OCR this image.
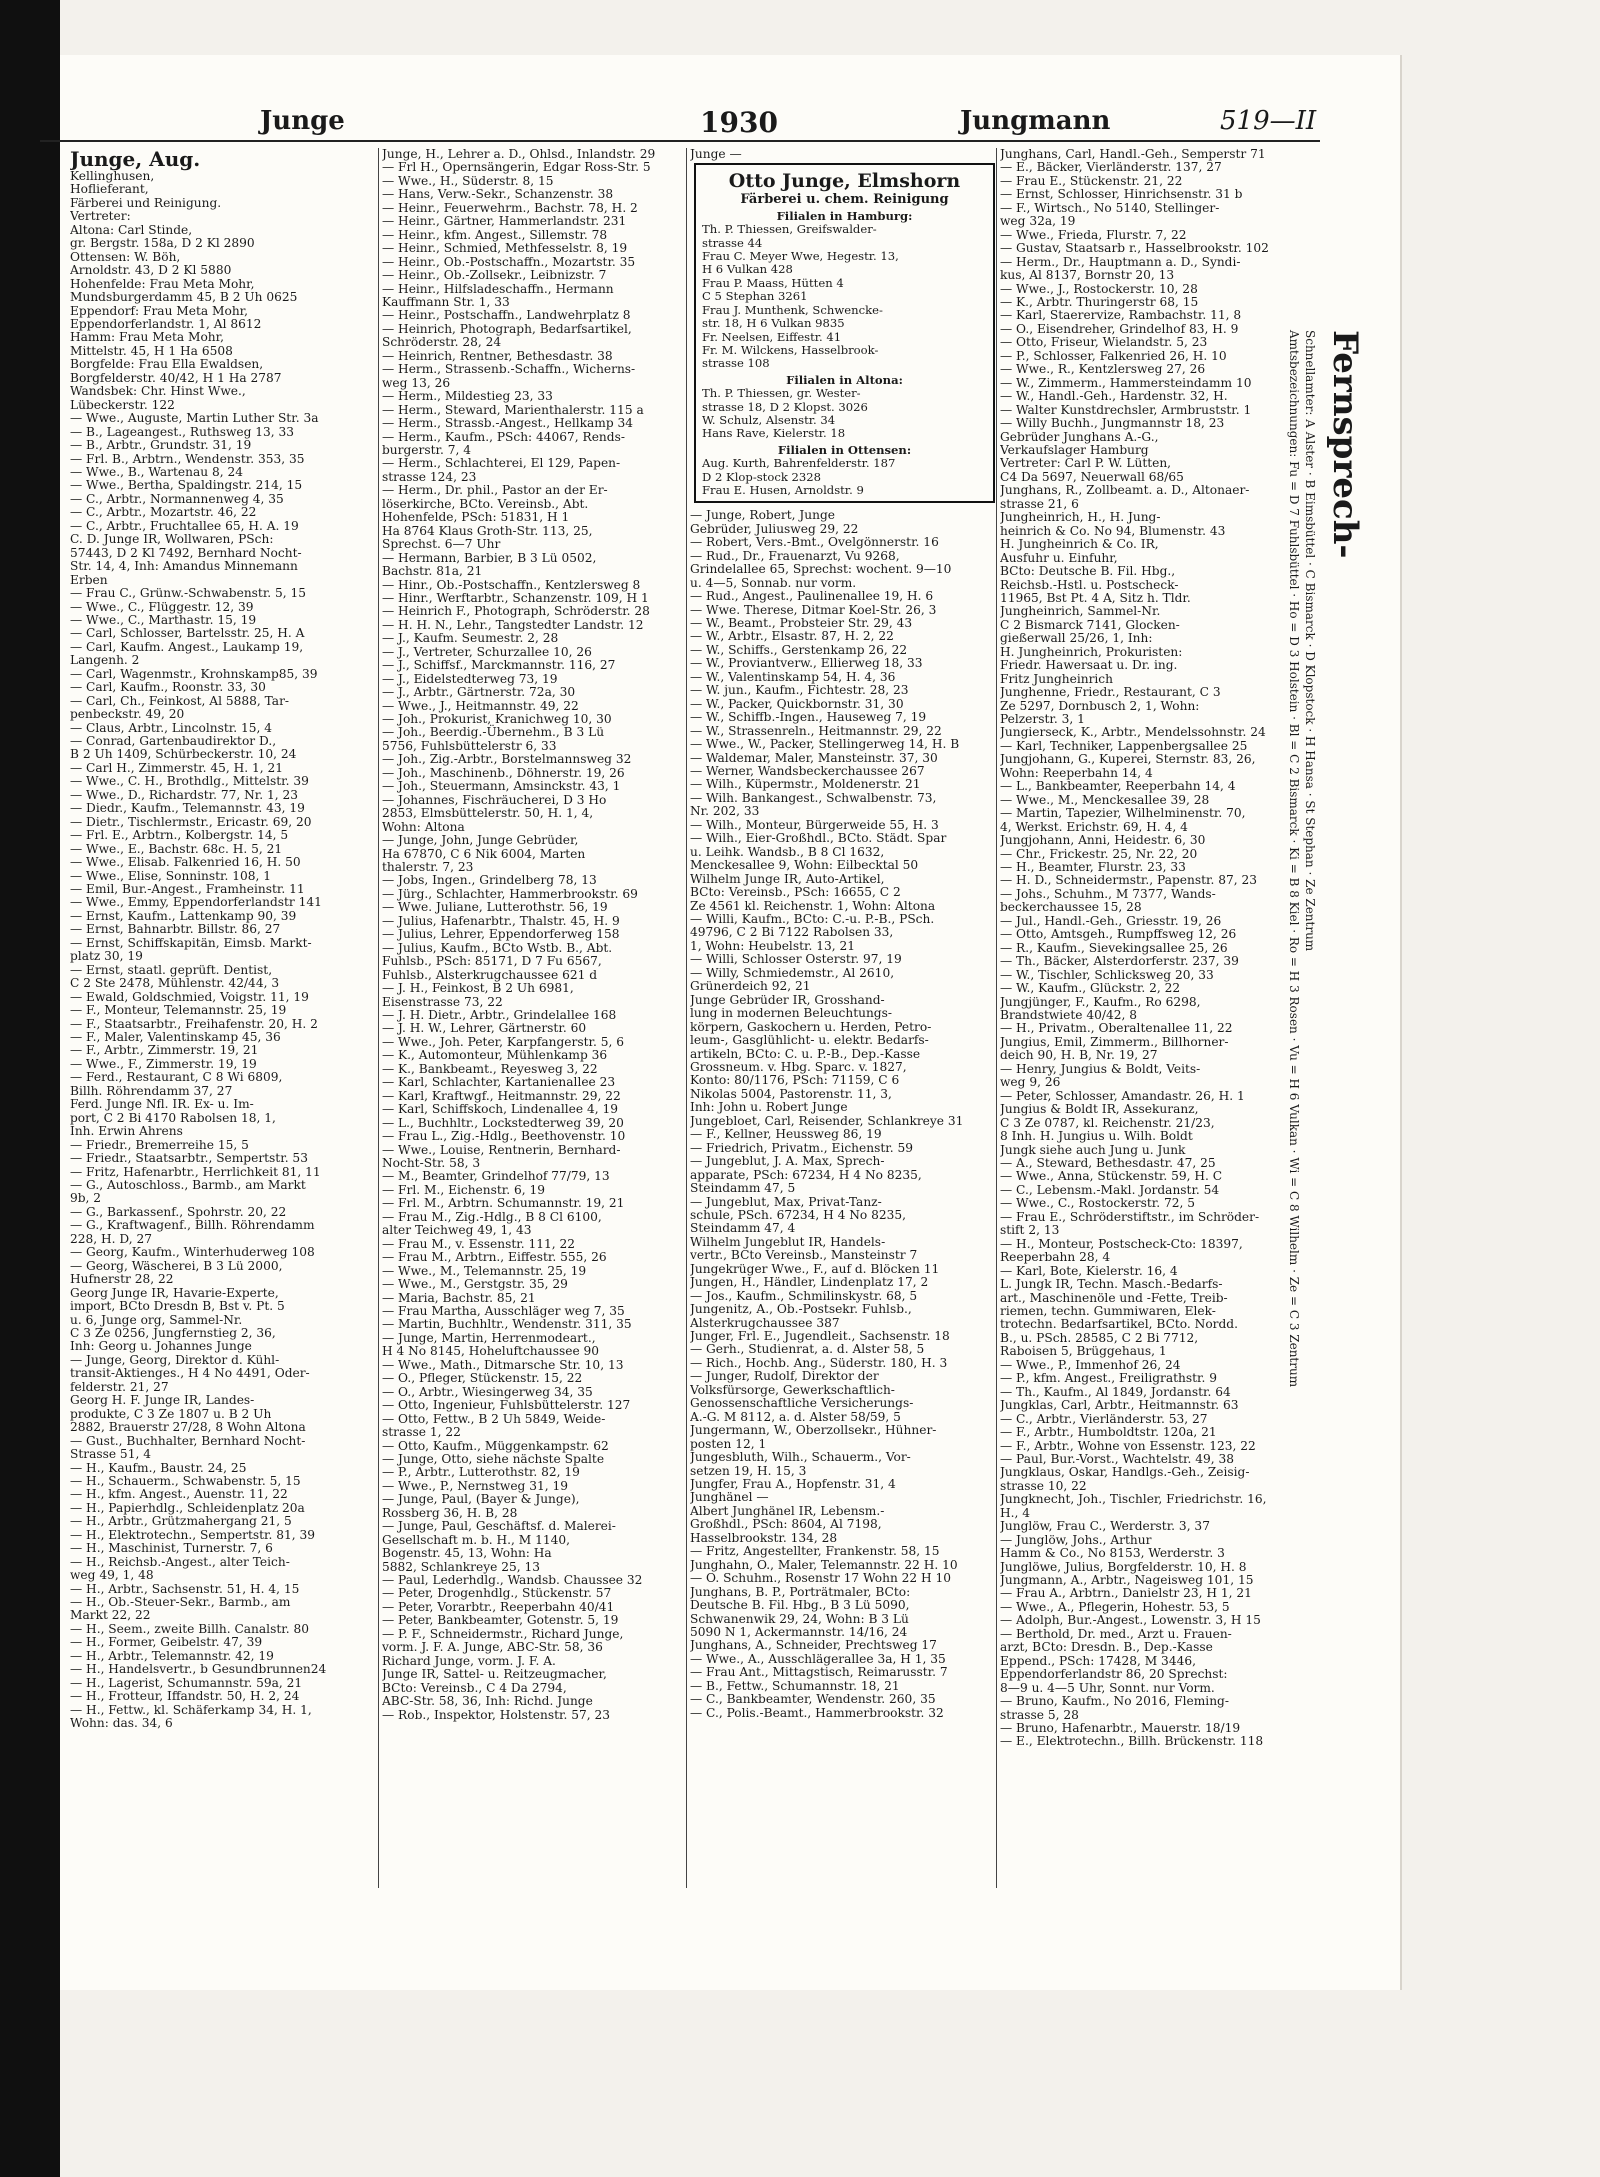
Junge	1930	Jungmann	519—II
Junge, Aug.
Kellinghusen,
Hoflieferant,
Färberei und Reinigung.
Vertreter:
Altona: Carl Stinde,
gr. Bergstr. 158a, D 2 Kl 2890
Ottensen: W. Böh,
Arnoldstr. 43, D 2 Kl 5880
Hohenfelde: Frau Meta Mohr,
Mundsburgerdamm 45, B 2 Uh 0625
Eppendorf: Frau Meta Mohr,
Eppendorferlandstr. 1, Al 8612
Hamm: Frau Meta Mohr,
Mittelstr. 45, H 1 Ha 6508
Borgfelde: Frau Ella Ewaldsen,
Borgfelderstr. 40/42, H 1 Ha 2787
Wandsbek: Chr. Hinst Wwe.,
Lübeckerstr. 122
— Wwe., Auguste, Martin Luther Str. 3a
— B., Lageangest., Ruthsweg 13, 33
— B., Arbtr., Grundstr. 31, 19
— Frl. B., Arbtrn., Wendenstr. 353, 35
— Wwe., B., Wartenau 8, 24
— Wwe., Bertha, Spaldingstr. 214, 15
— C., Arbtr., Normannenweg 4, 35
— C., Arbtr., Mozartstr. 46, 22
— C., Arbtr., Fruchtallee 65, H. A. 19
C. D. Junge IR, Wollwaren, PSch:
57443, D 2 Kl 7492, Bernhard Nocht-
Str. 14, 4, Inh: Amandus Minnemann
Erben
— Frau C., Grünw.-Schwabenstr. 5, 15
— Wwe., C., Flüggestr. 12, 39
— Wwe., C., Marthastr. 15, 19
— Carl, Schlosser, Bartelsstr. 25, H. A
— Carl, Kaufm. Angest., Laukamp 19,
Langenh. 2
— Carl, Wagenmstr., Krohnskamp85, 39
— Carl, Kaufm., Roonstr. 33, 30
— Carl, Ch., Feinkost, Al 5888, Tar-
penbeckstr. 49, 20
— Claus, Arbtr., Lincolnstr. 15, 4
— Conrad, Gartenbaudirektor D.,
B 2 Uh 1409, Schürbeckerstr. 10, 24
— Carl H., Zimmerstr. 45, H. 1, 21
— Wwe., C. H., Brothdlg., Mittelstr. 39
— Wwe., D., Richardstr. 77, Nr. 1, 23
— Diedr., Kaufm., Telemannstr. 43, 19
— Dietr., Tischlermstr., Ericastr. 69, 20
— Frl. E., Arbtrn., Kolbergstr. 14, 5
— Wwe., E., Bachstr. 68c. H. 5, 21
— Wwe., Elisab. Falkenried 16, H. 50
— Wwe., Elise, Sonninstr. 108, 1
— Emil, Bur.-Angest., Framheinstr. 11
— Wwe., Emmy, Eppendorferlandstr 141
— Ernst, Kaufm., Lattenkamp 90, 39
— Ernst, Bahnarbtr. Billstr. 86, 27
— Ernst, Schiffskapitän, Eimsb. Markt-
platz 30, 19
— Ernst, staatl. geprüft. Dentist,
C 2 Ste 2478, Mühlenstr. 42/44, 3
— Ewald, Goldschmied, Voigstr. 11, 19
— F., Monteur, Telemannstr. 25, 19
— F., Staatsarbtr., Freihafenstr. 20, H. 2
— F., Maler, Valentinskamp 45, 36
— F., Arbtr., Zimmerstr. 19, 21
— Wwe., F., Zimmerstr. 19, 19
— Ferd., Restaurant, C 8 Wi 6809,
Billh. Röhrendamm 37, 27
Ferd. Junge Nfl. IR. Ex- u. Im-
port, C 2 Bi 4170 Rabolsen 18, 1,
Inh. Erwin Ahrens
— Friedr., Bremerreihe 15, 5
— Friedr., Staatsarbtr., Sempertstr. 53
— Fritz, Hafenarbtr., Herrlichkeit 81, 11
— G., Autoschloss., Barmb., am Markt
9b, 2
— G., Barkassenf., Spohrstr. 20, 22
— G., Kraftwagenf., Billh. Röhrendamm
228, H. D, 27
— Georg, Kaufm., Winterhuderweg 108
— Georg, Wäscherei, B 3 Lü 2000,
Hufnerstr 28, 22
Georg Junge IR, Havarie-Experte,
import, BCto Dresdn B, Bst v. Pt. 5
u. 6, Junge org, Sammel-Nr.
C 3 Ze 0256, Jungfernstieg 2, 36,
Inh: Georg u. Johannes Junge
— Junge, Georg, Direktor d. Kühl-
transit-Aktienges., H 4 No 4491, Oder-
felderstr. 21, 27
Georg H. F. Junge IR, Landes-
produkte, C 3 Ze 1807 u. B 2 Uh
2882, Brauerstr 27/28, 8 Wohn Altona
— Gust., Buchhalter, Bernhard Nocht-
Strasse 51, 4
— H., Kaufm., Baustr. 24, 25
— H., Schauerm., Schwabenstr. 5, 15
— H., kfm. Angest., Auenstr. 11, 22
— H., Papierhdlg., Schleidenplatz 20a
— H., Arbtr., Grützmahergang 21, 5
— H., Elektrotechn., Sempertstr. 81, 39
— H., Maschinist, Turnerstr. 7, 6
— H., Reichsb.-Angest., alter Teich-
weg 49, 1, 48
— H., Arbtr., Sachsenstr. 51, H. 4, 15
— H., Ob.-Steuer-Sekr., Barmb., am
Markt 22, 22
— H., Seem., zweite Billh. Canalstr. 80
— H., Former, Geibelstr. 47, 39
— H., Arbtr., Telemannstr. 42, 19
— H., Handelsvertr., b Gesundbrunnen24
— H., Lagerist, Schumannstr. 59a, 21
— H., Frotteur, Iffandstr. 50, H. 2, 24
— H., Fettw., kl. Schäferkamp 34, H. 1,
Wohn: das. 34, 6
Junge, H., Lehrer a. D., Ohlsd., Inlandstr. 29
— Frl H., Opernsängerin, Edgar Ross-Str. 5
— Wwe., H., Süderstr. 8, 15
— Hans, Verw.-Sekr., Schanzenstr. 38
— Heinr., Feuerwehrm., Bachstr. 78, H. 2
— Heinr., Gärtner, Hammerlandstr. 231
— Heinr., kfm. Angest., Sillemstr. 78
— Heinr., Schmied, Methfesselstr. 8, 19
— Heinr., Ob.-Postschaffn., Mozartstr. 35
— Heinr., Ob.-Zollsekr., Leibnizstr. 7
— Heinr., Hilfsladeschaffn., Hermann
Kauffmann Str. 1, 33
— Heinr., Postschaffn., Landwehrplatz 8
— Heinrich, Photograph, Bedarfsartikel,
Schröderstr. 28, 24
— Heinrich, Rentner, Bethesdastr. 38
— Herm., Strassenb.-Schaffn., Wicherns-
weg 13, 26
— Herm., Mildestieg 23, 33
— Herm., Steward, Marienthalerstr. 115 a
— Herm., Strassb.-Angest., Hellkamp 34
— Herm., Kaufm., PSch: 44067, Rends-
burgerstr. 7, 4
— Herm., Schlachterei, El 129, Papen-
strasse 124, 23
— Herm., Dr. phil., Pastor an der Er-
löserkirche, BCto. Vereinsb., Abt.
Hohenfelde, PSch: 51831, H 1
Ha 8764 Klaus Groth-Str. 113, 25,
Sprechst. 6—7 Uhr
— Hermann, Barbier, B 3 Lü 0502,
Bachstr. 81a, 21
— Hinr., Ob.-Postschaffn., Kentzlersweg 8
— Hinr., Werftarbtr., Schanzenstr. 109, H 1
— Heinrich F., Photograph, Schröderstr. 28
— H. H. N., Lehr., Tangstedter Landstr. 12
— J., Kaufm. Seumestr. 2, 28
— J., Vertreter, Schurzallee 10, 26
— J., Schiffsf., Marckmannstr. 116, 27
— J., Eidelstedterweg 73, 19
— J., Arbtr., Gärtnerstr. 72a, 30
— Wwe., J., Heitmannstr. 49, 22
— Joh., Prokurist, Kranichweg 10, 30
— Joh., Beerdig.-Übernehm., B 3 Lü
5756, Fuhlsbüttelerstr 6, 33
— Joh., Zig.-Arbtr., Borstelmannsweg 32
— Joh., Maschinenb., Döhnerstr. 19, 26
— Joh., Steuermann, Amsinckstr. 43, 1
— Johannes, Fischräucherei, D 3 Ho
2853, Elmsbüttelerstr. 50, H. 1, 4,
Wohn: Altona
— Junge, John, Junge Gebrüder,
Ha 67870, C 6 Nik 6004, Marten
thalerstr. 7, 23
— Jobs, Ingen., Grindelberg 78, 13
— Jürg., Schlachter, Hammerbrookstr. 69
— Wwe. Juliane, Lutterothstr. 56, 19
— Julius, Hafenarbtr., Thalstr. 45, H. 9
— Julius, Lehrer, Eppendorferweg 158
— Julius, Kaufm., BCto Wstb. B., Abt.
Fuhlsb., PSch: 85171, D 7 Fu 6567,
Fuhlsb., Alsterkrugchaussee 621 d
— J. H., Feinkost, B 2 Uh 6981,
Eisenstrasse 73, 22
— J. H. Dietr., Arbtr., Grindelallee 168
— J. H. W., Lehrer, Gärtnerstr. 60
— Wwe., Joh. Peter, Karpfangerstr. 5, 6
— K., Automonteur, Mühlenkamp 36
— K., Bankbeamt., Reyesweg 3, 22
— Karl, Schlachter, Kartanienallee 23
— Karl, Kraftwgf., Heitmannstr. 29, 22
— Karl, Schiffskoch, Lindenallee 4, 19
— L., Buchhltr., Lockstedterweg 39, 20
— Frau L., Zig.-Hdlg., Beethovenstr. 10
— Wwe., Louise, Rentnerin, Bernhard-
Nocht-Str. 58, 3
— M., Beamter, Grindelhof 77/79, 13
— Frl. M., Eichenstr. 6, 19
— Frl. M., Arbtrn. Schumannstr. 19, 21
— Frau M., Zig.-Hdlg., B 8 Cl 6100,
alter Teichweg 49, 1, 43
— Frau M., v. Essenstr. 111, 22
— Frau M., Arbtrn., Eiffestr. 555, 26
— Wwe., M., Telemannstr. 25, 19
— Wwe., M., Gerstgstr. 35, 29
— Maria, Bachstr. 85, 21
— Frau Martha, Ausschläger weg 7, 35
— Martin, Buchhltr., Wendenstr. 311, 35
— Junge, Martin, Herrenmodeart.,
H 4 No 8145, Hoheluftchaussee 90
— Wwe., Math., Ditmarsche Str. 10, 13
— O., Pfleger, Stückenstr. 15, 22
— O., Arbtr., Wiesingerweg 34, 35
— Otto, Ingenieur, Fuhlsbüttelerstr. 127
— Otto, Fettw., B 2 Uh 5849, Weide-
strasse 1, 22
— Otto, Kaufm., Müggenkampstr. 62
— Junge, Otto, siehe nächste Spalte
— P., Arbtr., Lutterothstr. 82, 19
— Wwe., P., Nernstweg 31, 19
— Junge, Paul, (Bayer & Junge),
Rossberg 36, H. B, 28
— Junge, Paul, Geschäftsf. d. Malerei-
Gesellschaft m. b. H., M 1140,
Bogenstr. 45, 13, Wohn: Ha
5882, Schlankreye 25, 13
— Paul, Lederhdlg., Wandsb. Chaussee 32
— Peter, Drogenhdlg., Stückenstr. 57
— Peter, Vorarbtr., Reeperbahn 40/41
— Peter, Bankbeamter, Gotenstr. 5, 19
— P. F., Schneidermstr., Richard Junge,
vorm. J. F. A. Junge, ABC-Str. 58, 36
Richard Junge, vorm. J. F. A.
Junge IR, Sattel- u. Reitzeugmacher,
BCto: Vereinsb., C 4 Da 2794,
ABC-Str. 58, 36, Inh: Richd. Junge
— Rob., Inspektor, Holstenstr. 57, 23
Junge —
Otto Junge, Elmshorn
Färberei u. chem. Reinigung
Filialen in Hamburg:
Th. P. Thiessen, Greifswalder-
strasse 44
Frau C. Meyer Wwe, Hegestr. 13,
H 6 Vulkan 428
Frau P. Maass, Hütten 4
C 5 Stephan 3261
Frau J. Munthenk, Schwencke-
str. 18, H 6 Vulkan 9835
Fr. Neelsen, Eiffestr. 41
Fr. M. Wilckens, Hasselbrook-
strasse 108
Filialen in Altona:
Th. P. Thiessen, gr. Wester-
strasse 18, D 2 Klopst. 3026
W. Schulz, Alsenstr. 34
Hans Rave, Kielerstr. 18
Filialen in Ottensen:
Aug. Kurth, Bahrenfelderstr. 187
D 2 Klop-stock 2328
Frau E. Husen, Arnoldstr. 9
— Junge, Robert, Junge
Gebrüder, Juliusweg 29, 22
— Robert, Vers.-Bmt., Ovelgönnerstr. 16
— Rud., Dr., Frauenarzt, Vu 9268,
Grindelallee 65, Sprechst: wochent. 9—10
u. 4—5, Sonnab. nur vorm.
— Rud., Angest., Paulinenallee 19, H. 6
— Wwe. Therese, Ditmar Koel-Str. 26, 3
— W., Beamt., Probsteier Str. 29, 43
— W., Arbtr., Elsastr. 87, H. 2, 22
— W., Schiffs., Gerstenkamp 26, 22
— W., Proviantverw., Ellierweg 18, 33
— W., Valentinskamp 54, H. 4, 36
— W. jun., Kaufm., Fichtestr. 28, 23
— W., Packer, Quickbornstr. 31, 30
— W., Schiffb.-Ingen., Hauseweg 7, 19
— W., Strassenreln., Heitmannstr. 29, 22
— Wwe., W., Packer, Stellingerweg 14, H. B
— Waldemar, Maler, Mansteinstr. 37, 30
— Werner, Wandsbeckerchaussee 267
— Wilh., Küpermstr., Moldenerstr. 21
— Wilh. Bankangest., Schwalbenstr. 73,
Nr. 202, 33
— Wilh., Monteur, Bürgerweide 55, H. 3
— Wilh., Eier-Großhdl., BCto. Städt. Spar
u. Leihk. Wandsb., B 8 Cl 1632,
Menckesallee 9, Wohn: Eilbecktal 50
Wilhelm Junge IR, Auto-Artikel,
BCto: Vereinsb., PSch: 16655, C 2
Ze 4561 kl. Reichenstr. 1, Wohn: Altona
— Willi, Kaufm., BCto: C.-u. P.-B., PSch.
49796, C 2 Bi 7122 Rabolsen 33,
1, Wohn: Heubelstr. 13, 21
— Willi, Schlosser Osterstr. 97, 19
— Willy, Schmiedemstr., Al 2610,
Grünerdeich 92, 21
Junge Gebrüder IR, Grosshand-
lung in modernen Beleuchtungs-
körpern, Gaskochern u. Herden, Petro-
leum-, Gasglühlicht- u. elektr. Bedarfs-
artikeln, BCto: C. u. P.-B., Dep.-Kasse
Grossneum. v. Hbg. Sparc. v. 1827,
Konto: 80/1176, PSch: 71159, C 6
Nikolas 5004, Pastorenstr. 11, 3,
Inh: John u. Robert Junge
Jungebloet, Carl, Reisender, Schlankreye 31
— F., Kellner, Heussweg 86, 19
— Friedrich, Privatm., Eichenstr. 59
— Jungeblut, J. A. Max, Sprech-
apparate, PSch: 67234, H 4 No 8235,
Steindamm 47, 5
— Jungeblut, Max, Privat-Tanz-
schule, PSch. 67234, H 4 No 8235,
Steindamm 47, 4
Wilhelm Jungeblut IR, Handels-
vertr., BCto Vereinsb., Mansteinstr 7
Jungekrüger Wwe., F., auf d. Blöcken 11
Jungen, H., Händler, Lindenplatz 17, 2
— Jos., Kaufm., Schmilinskystr. 68, 5
Jungenitz, A., Ob.-Postsekr. Fuhlsb.,
Alsterkrugchaussee 387
Junger, Frl. E., Jugendleit., Sachsenstr. 18
— Gerh., Studienrat, a. d. Alster 58, 5
— Rich., Hochb. Ang., Süderstr. 180, H. 3
— Junger, Rudolf, Direktor der
Volksfürsorge, Gewerkschaftlich-
Genossenschaftliche Versicherungs-
A.-G. M 8112, a. d. Alster 58/59, 5
Jungermann, W., Oberzollsekr., Hühner-
posten 12, 1
Jungesbluth, Wilh., Schauerm., Vor-
setzen 19, H. 15, 3
Jungfer, Frau A., Hopfenstr. 31, 4
Junghänel —
Albert Junghänel IR, Lebensm.-
Großhdl., PSch: 8604, Al 7198,
Hasselbrookstr. 134, 28
— Fritz, Angestellter, Frankenstr. 58, 15
Junghahn, O., Maler, Telemannstr. 22 H. 10
— O. Schuhm., Rosenstr 17 Wohn 22 H 10
Junghans, B. P., Porträtmaler, BCto:
Deutsche B. Fil. Hbg., B 3 Lü 5090,
Schwanenwik 29, 24, Wohn: B 3 Lü
5090 N 1, Ackermannstr. 14/16, 24
Junghans, A., Schneider, Prechtsweg 17
— Wwe., A., Ausschlägerallee 3a, H 1, 35
— Frau Ant., Mittagstisch, Reimarusstr. 7
— B., Fettw., Schumannstr. 18, 21
— C., Bankbeamter, Wendenstr. 260, 35
— C., Polis.-Beamt., Hammerbrookstr. 32
Junghans, Carl, Handl.-Geh., Semperstr 71
— E., Bäcker, Vierländerstr. 137, 27
— Frau E., Stückenstr. 21, 22
— Ernst, Schlosser, Hinrichsenstr. 31 b
— F., Wirtsch., No 5140, Stellinger-
weg 32a, 19
— Wwe., Frieda, Flurstr. 7, 22
— Gustav, Staatsarb r., Hasselbrookstr. 102
— Herm., Dr., Hauptmann a. D., Syndi-
kus, Al 8137, Bornstr 20, 13
— Wwe., J., Rostockerstr. 10, 28
— K., Arbtr. Thuringerstr 68, 15
— Karl, Staerervize, Rambachstr. 11, 8
— O., Eisendreher, Grindelhof 83, H. 9
— Otto, Friseur, Wielandstr. 5, 23
— P., Schlosser, Falkenried 26, H. 10
— Wwe., R., Kentzlersweg 27, 26
— W., Zimmerm., Hammersteindamm 10
— W., Handl.-Geh., Hardenstr. 32, H.
— Walter Kunstdrechsler, Armbruststr. 1
— Willy Buchh., Jungmannstr 18, 23
Gebrüder Junghans A.-G.,
Verkaufslager Hamburg
Vertreter: Carl P. W. Lütten,
C4 Da 5697, Neuerwall 68/65
Junghans, R., Zollbeamt. a. D., Altonaer-
strasse 21, 6
Jungheinrich, H., H. Jung-
heinrich & Co. No 94, Blumenstr. 43
H. Jungheinrich & Co. IR,
Ausfuhr u. Einfuhr,
BCto: Deutsche B. Fil. Hbg.,
Reichsb.-Hstl. u. Postscheck-
11965, Bst Pt. 4 A, Sitz h. Tldr.
Jungheinrich, Sammel-Nr.
C 2 Bismarck 7141, Glocken-
gießerwall 25/26, 1, Inh:
H. Jungheinrich, Prokuristen:
Friedr. Hawersaat u. Dr. ing.
Fritz Jungheinrich
Junghenne, Friedr., Restaurant, C 3
Ze 5297, Dornbusch 2, 1, Wohn:
Pelzerstr. 3, 1
Jungierseck, K., Arbtr., Mendelssohnstr. 24
— Karl, Techniker, Lappenbergsallee 25
Jungjohann, G., Kuperei, Sternstr. 83, 26,
Wohn: Reeperbahn 14, 4
— L., Bankbeamter, Reeperbahn 14, 4
— Wwe., M., Menckesallee 39, 28
— Martin, Tapezier, Wilhelminenstr. 70,
4, Werkst. Erichstr. 69, H. 4, 4
Jungjohann, Anni, Heidestr. 6, 30
— Chr., Frickestr. 25, Nr. 22, 20
— H., Beamter, Flurstr. 23, 33
— H. D., Schneidermstr., Papenstr. 87, 23
— Johs., Schuhm., M 7377, Wands-
beckerchaussee 15, 28
— Jul., Handl.-Geh., Griesstr. 19, 26
— Otto, Amtsgeh., Rumpffsweg 12, 26
— R., Kaufm., Sievekingsallee 25, 26
— Th., Bäcker, Alsterdorferstr. 237, 39
— W., Tischler, Schlicksweg 20, 33
— W., Kaufm., Glückstr. 2, 22
Jungjünger, F., Kaufm., Ro 6298,
Brandstwiete 40/42, 8
— H., Privatm., Oberaltenallee 11, 22
Jungius, Emil, Zimmerm., Billhorner-
deich 90, H. B, Nr. 19, 27
— Henry, Jungius & Boldt, Veits-
weg 9, 26
— Peter, Schlosser, Amandastr. 26, H. 1
Jungius & Boldt IR, Assekuranz,
C 3 Ze 0787, kl. Reichenstr. 21/23,
8 Inh. H. Jungius u. Wilh. Boldt
Jungk siehe auch Jung u. Junk
— A., Steward, Bethesdastr. 47, 25
— Wwe., Anna, Stückenstr. 59, H. C
— C., Lebensm.-Makl. Jordanstr. 54
— Wwe., C., Rostockerstr. 72, 5
— Frau E., Schröderstiftstr., im Schröder-
stift 2, 13
— H., Monteur, Postscheck-Cto: 18397,
Reeperbahn 28, 4
— Karl, Bote, Kielerstr. 16, 4
L. Jungk IR, Techn. Masch.-Bedarfs-
art., Maschinenöle und -Fette, Treib-
riemen, techn. Gummiwaren, Elek-
trotechn. Bedarfsartikel, BCto. Nordd.
B., u. PSch. 28585, C 2 Bi 7712,
Raboisen 5, Brüggehaus, 1
— Wwe., P., Immenhof 26, 24
— P., kfm. Angest., Freiligrathstr. 9
— Th., Kaufm., Al 1849, Jordanstr. 64
Jungklas, Carl, Arbtr., Heitmannstr. 63
— C., Arbtr., Vierländerstr. 53, 27
— F., Arbtr., Humboldtstr. 120a, 21
— F., Arbtr., Wohne von Essenstr. 123, 22
— Paul, Bur.-Vorst., Wachtelstr. 49, 38
Jungklaus, Oskar, Handlgs.-Geh., Zeisig-
strasse 10, 22
Jungknecht, Joh., Tischler, Friedrichstr. 16,
H., 4
Junglöw, Frau C., Werderstr. 3, 37
— Junglöw, Johs., Arthur
Hamm & Co., No 8153, Werderstr. 3
Junglöwe, Julius, Borgfelderstr. 10, H. 8
Jungmann, A., Arbtr., Nageisweg 101, 15
— Frau A., Arbtrn., Danielstr 23, H 1, 21
— Wwe., A., Pflegerin, Hohestr. 53, 5
— Adolph, Bur.-Angest., Lowenstr. 3, H 15
— Berthold, Dr. med., Arzt u. Frauen-
arzt, BCto: Dresdn. B., Dep.-Kasse
Eppend., PSch: 17428, M 3446,
Eppendorferlandstr 86, 20 Sprechst:
8—9 u. 4—5 Uhr, Sonnt. nur Vorm.
— Bruno, Kaufm., No 2016, Fleming-
strasse 5, 28
— Bruno, Hafenarbtr., Mauerstr. 18/19
— E., Elektrotechn., Billh. Brückenstr. 118
Fernsprech-
Schnellamter: A Alster · B Eimsbüttel · C Bismarck · D Klopstock · H Hansa · St Stephan · Ze Zentrum
Amtsbezeichnungen: Fu = D 7 Fuhlsbüttel · Ho = D 3 Holstein · Bl = C 2 Bismarck · Ki = B 8 Kiel · Ro = H 3 Rosen · Vu = H 6 Vulkan · Wi = C 8 Wilhelm · Ze = C 3 Zentrum
